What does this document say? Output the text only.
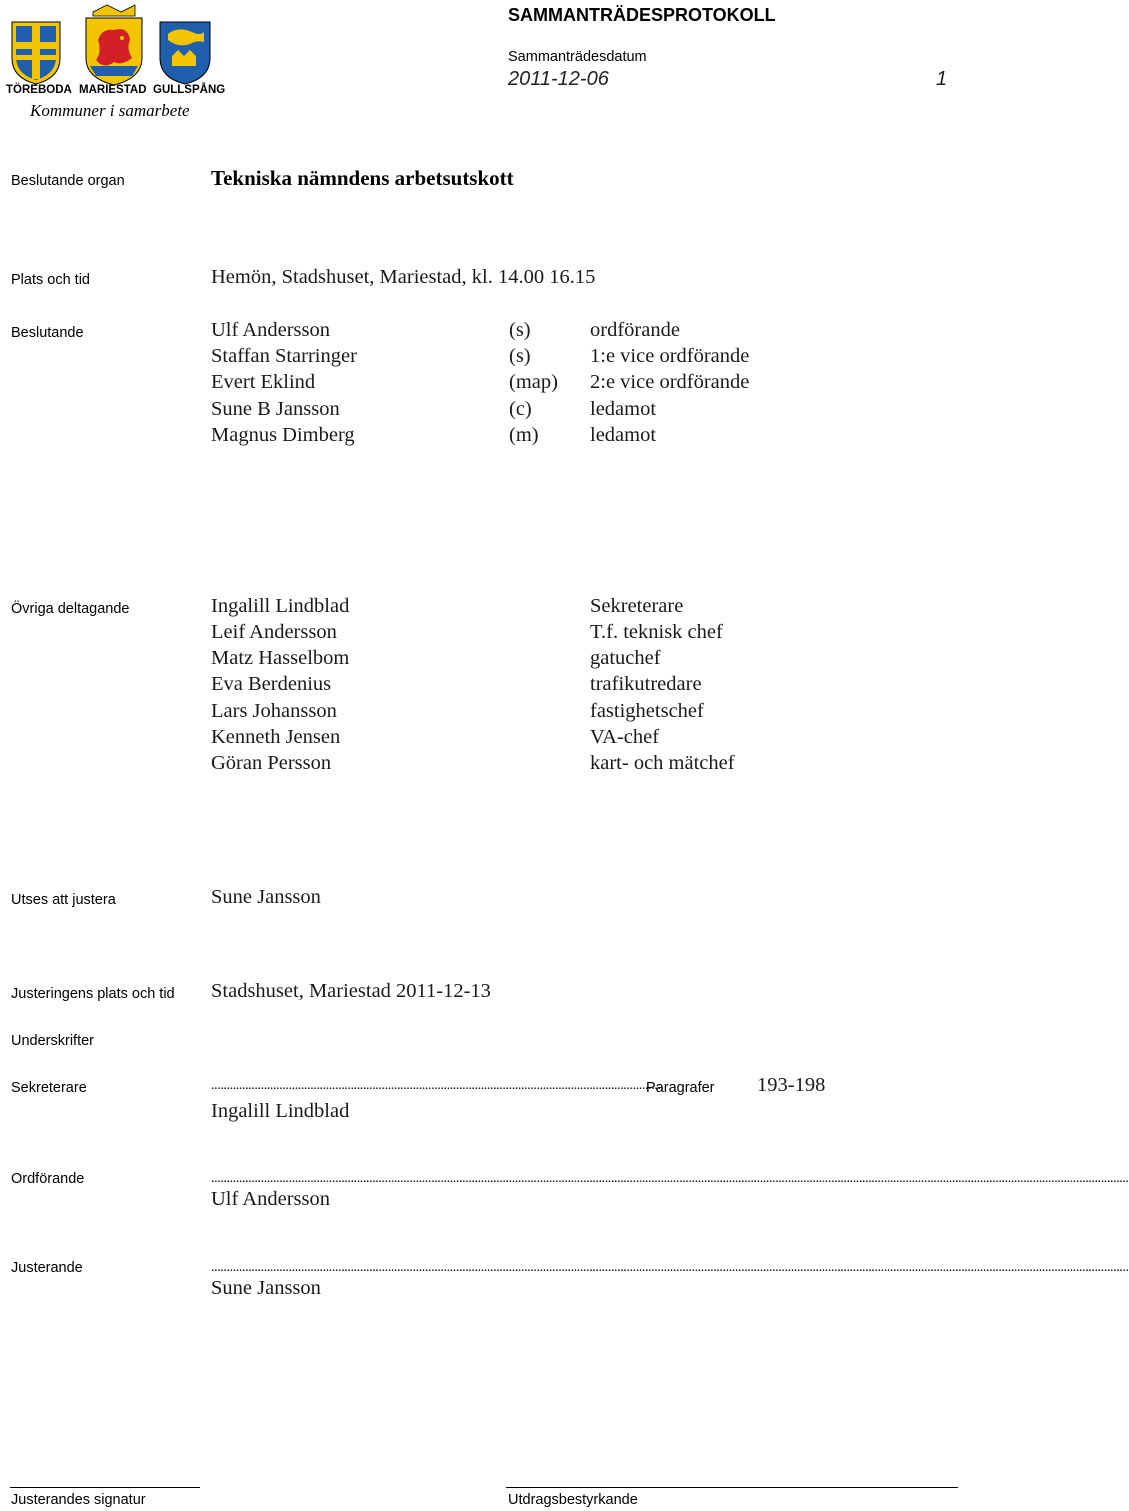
TÖREBODA MARIESTAD GULLSPÅNG
Kommuner i samarbete
SAMMANTRÄDESPROTOKOLL
Sammanträdesdatum
2011-12-06	1
Beslutande organ	Tekniska nämndens arbetsutskott
Plats och tid	Hemön, Stadshuset, Mariestad, kl. 14.00 16.15
Beslutande	Ulf Andersson	(s)	ordförande
Staffan Starringer	(s)	1:e vice ordförande
Evert Eklind	(map) 2:e vice ordförande
Sune B Jansson	(c)	ledamot
Magnus Dimberg	(m)	ledamot
Övriga deltagande	Ingalill Lindblad	Sekreterare
Leif Andersson	T.f. teknisk chef
Matz Hasselbom	gatuchef
Eva Berdenius	trafikutredare
Lars Johansson	fastighetschef
Kenneth Jensen	VA-chef
Göran Persson	kart- och mätchef
Utses att justera	Sune Jansson
Justeringens plats och tid Stadshuset, Mariestad 2011-12-13
Underskrifter
Sekreterare	..................................................................................................................................................
Ingalill Lindblad
Paragrafer 193-198
Ordförande	........................................................................................................................................................................................................................................................................................................
Ulf Andersson
Justerande	........................................................................................................................................................................................................................................................................................................
Sune Jansson
Justerandes signatur	Utdragsbestyrkande
